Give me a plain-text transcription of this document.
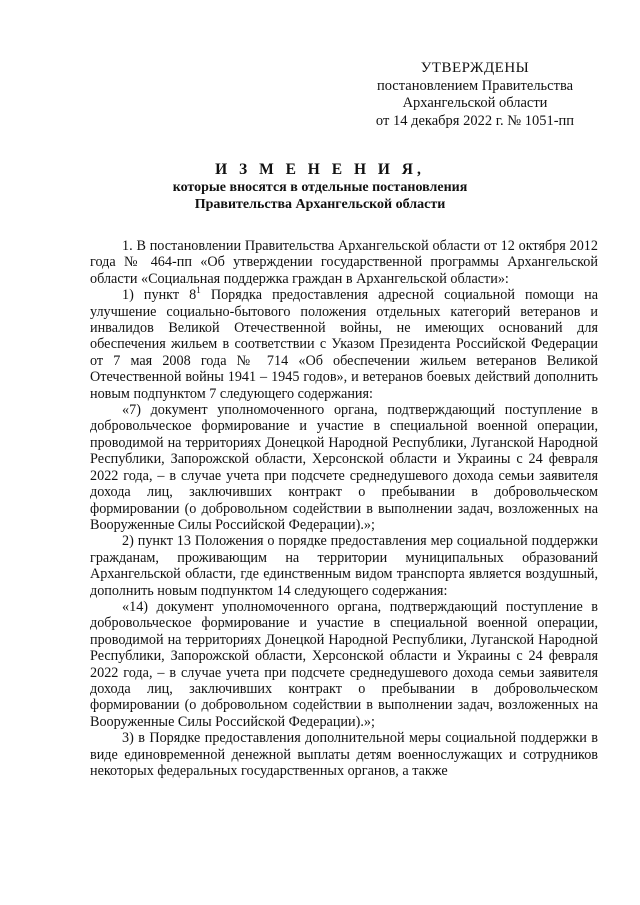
УТВЕРЖДЕНЫ
постановлением Правительства
Архангельской области
от 14 декабря 2022 г. № 1051-пп
И З М Е Н Е Н И Я,
которые вносятся в отдельные постановления
Правительства Архангельской области

1. В постановлении Правительства Архангельской области от 12 октября 2012 года № 464-пп «Об утверждении государственной программы Архангельской области «Социальная поддержка граждан в Архангельской области»:

1) пункт $8^1$ Порядка предоставления адресной социальной помощи на улучшение социально-бытового положения отдельных категорий ветеранов и инвалидов Великой Отечественной войны, не имеющих оснований для обеспечения жильем в соответствии с Указом Президента Российской Федерации от 7 мая 2008 года № 714 «Об обеспечении жильем ветеранов Великой Отечественной войны 1941 – 1945 годов», и ветеранов боевых действий дополнить новым подпунктом 7 следующего содержания:

«7) документ уполномоченного органа, подтверждающий поступление в добровольческое формирование и участие в специальной военной операции, проводимой на территориях Донецкой Народной Республики, Луганской Народной Республики, Запорожской области, Херсонской области и Украины с 24 февраля 2022 года, – в случае учета при подсчете среднедушевого дохода семьи заявителя дохода лиц, заключивших контракт о пребывании в добровольческом формировании (о добровольном содействии в выполнении задач, возложенных на Вооруженные Силы Российской Федерации).»;

2) пункт 13 Положения о порядке предоставления мер социальной поддержки гражданам, проживающим на территории муниципальных образований Архангельской области, где единственным видом транспорта является воздушный, дополнить новым подпунктом 14 следующего содержания:

«14) документ уполномоченного органа, подтверждающий поступление в добровольческое формирование и участие в специальной военной операции, проводимой на территориях Донецкой Народной Республики, Луганской Народной Республики, Запорожской области, Херсонской области и Украины с 24 февраля 2022 года, – в случае учета при подсчете среднедушевого дохода семьи заявителя дохода лиц, заключивших контракт о пребывании в добровольческом формировании (о добровольном содействии в выполнении задач, возложенных на Вооруженные Силы Российской Федерации).»;

3) в Порядке предоставления дополнительной меры социальной поддержки в виде единовременной денежной выплаты детям военнослужащих и сотрудников некоторых федеральных государственных органов, а также
